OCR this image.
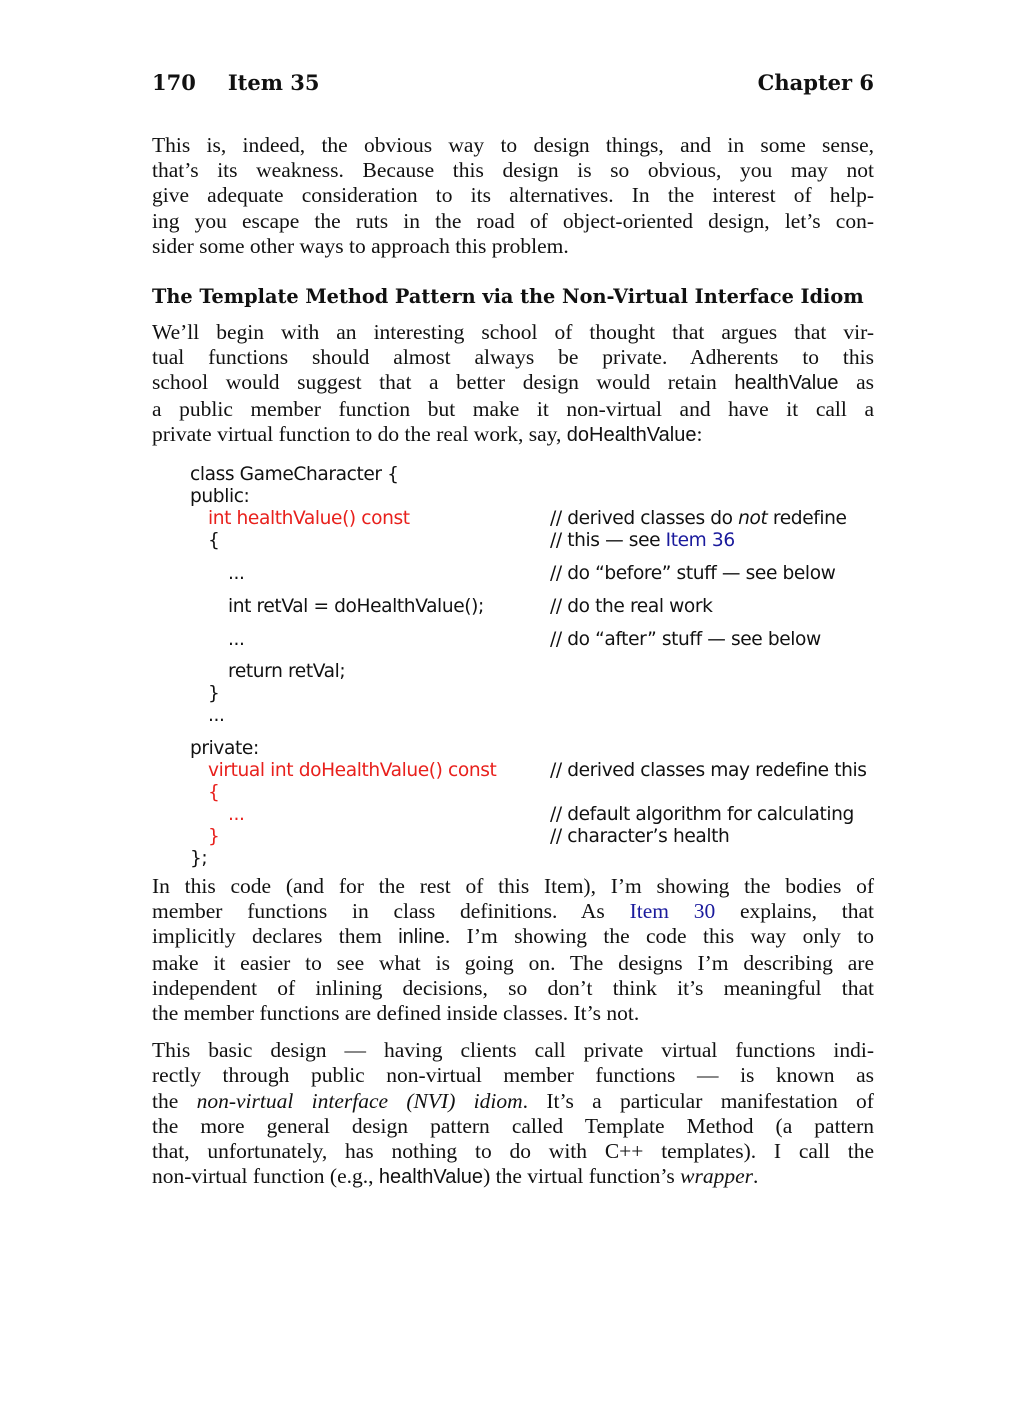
170 Item 35	Chapter 6

This is, indeed, the obvious way to design things, and in some sense,
that’s its weakness. Because this design is so obvious, you may not
give adequate consideration to its alternatives. In the interest of help-
ing you escape the ruts in the road of object-oriented design, let’s con-
sider some other ways to approach this problem.

The Template Method Pattern via the Non-Virtual Interface Idiom

We’ll begin with an interesting school of thought that argues that vir-
tual functions should almost always be private. Adherents to this
school would suggest that a better design would retain healthValue as
a public member function but make it non-virtual and have it call a
private virtual function to do the real work, say, doHealthValue:

class GameCharacter {
public:
int healthValue() const	// derived classes do not redefine
{	// this — see Item 36
...	// do “before” stuff — see below
int retVal = doHealthValue();	// do the real work
...	// do “after” stuff — see below
return retVal;
}
...
private:
virtual int doHealthValue() const	// derived classes may redefine this
{
...	// default algorithm for calculating
}	// character’s health
};

In this code (and for the rest of this Item), I’m showing the bodies of
member functions in class definitions. As Item 30 explains, that
implicitly declares them inline. I’m showing the code this way only to
make it easier to see what is going on. The designs I’m describing are
independent of inlining decisions, so don’t think it’s meaningful that
the member functions are defined inside classes. It’s not.

This basic design — having clients call private virtual functions indi-
rectly through public non-virtual member functions — is known as
the non-virtual interface (NVI) idiom. It’s a particular manifestation of
the more general design pattern called Template Method (a pattern
that, unfortunately, has nothing to do with C++ templates). I call the
non-virtual function (e.g., healthValue) the virtual function’s wrapper.
